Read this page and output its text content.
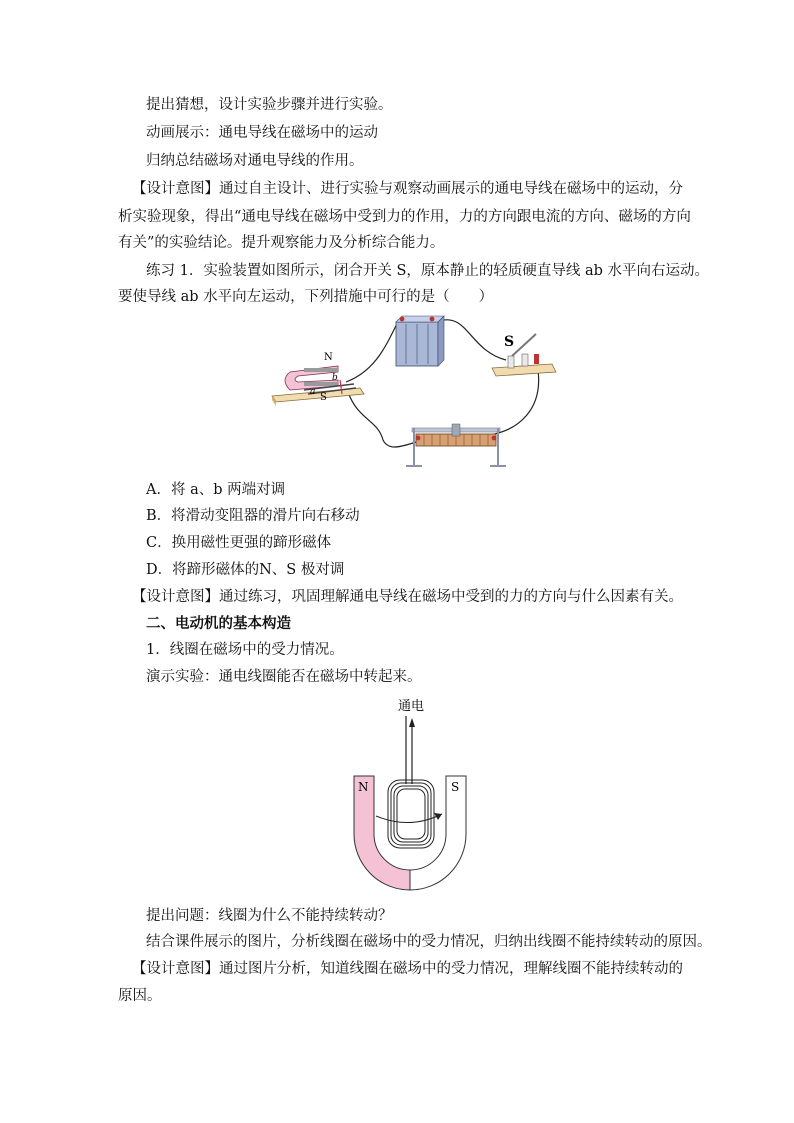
提出猜想，设计实验步骤并进行实验。
动画展示：通电导线在磁场中的运动
归纳总结磁场对通电导线的作用。
【设计意图】通过自主设计、进行实验与观察动画展示的通电导线在磁场中的运动，分
析实验现象，得出“通电导线在磁场中受到力的作用，力的方向跟电流的方向、磁场的方向
有关”的实验结论。提升观察能力及分析综合能力。
练习 1．实验装置如图所示，闭合开关 S，原本静止的轻质硬直导线 ab 水平向右运动。
要使导线 ab 水平向左运动，下列措施中可行的是（　　）
N
S
a
b
S
A．将 a、b 两端对调
B．将滑动变阻器的滑片向右移动
C．换用磁性更强的蹄形磁体
D．将蹄形磁体的N、S 极对调
【设计意图】通过练习，巩固理解通电导线在磁场中受到的力的方向与什么因素有关。
二、电动机的基本构造
1．线圈在磁场中的受力情况。
演示实验：通电线圈能否在磁场中转起来。
通电
N	S
提出问题：线圈为什么不能持续转动？
结合课件展示的图片，分析线圈在磁场中的受力情况，归纳出线圈不能持续转动的原因。
【设计意图】通过图片分析，知道线圈在磁场中的受力情况，理解线圈不能持续转动的
原因。
